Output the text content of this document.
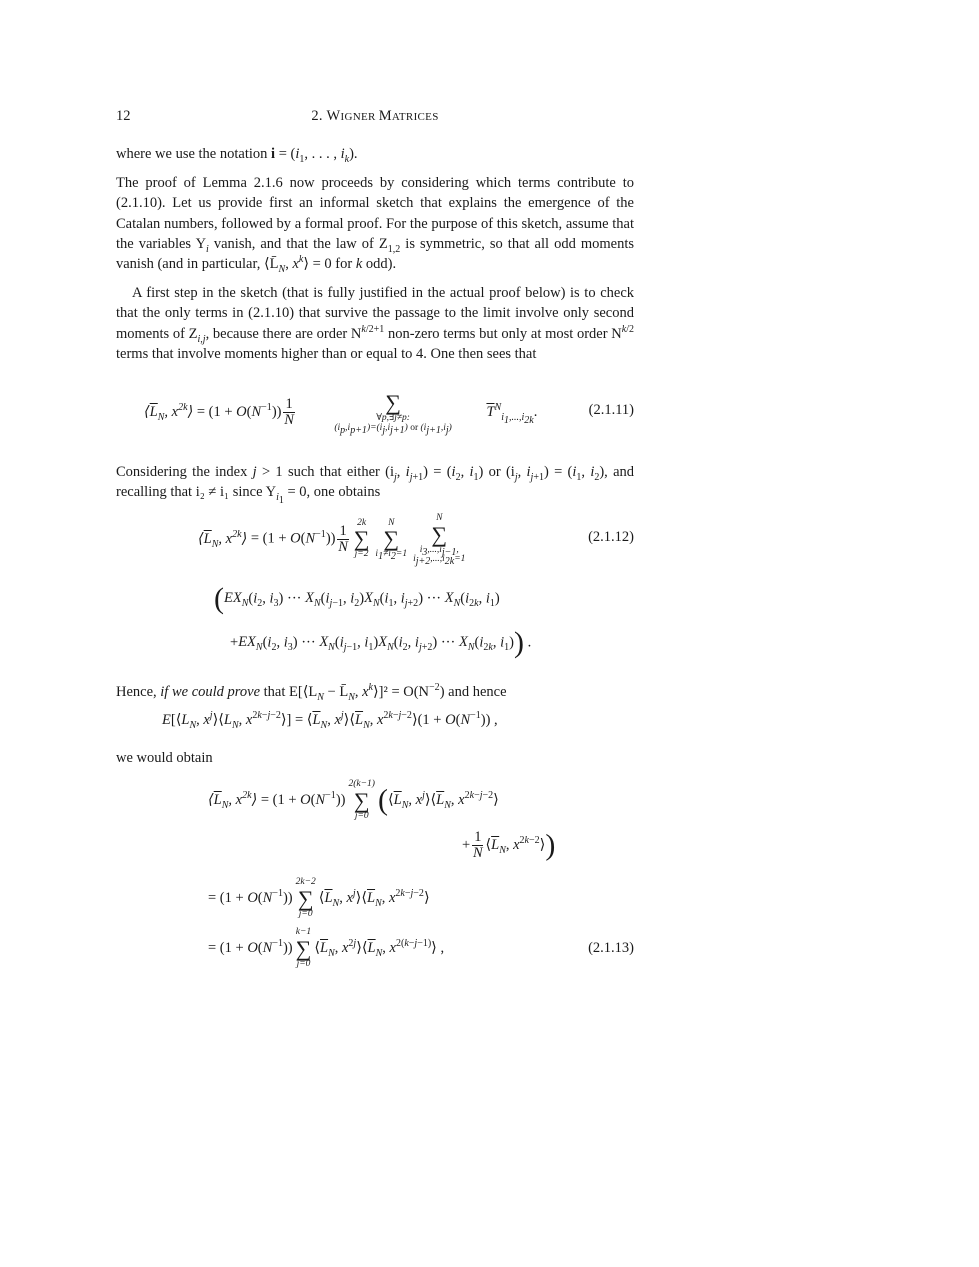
12	2. WIGNER MATRICES

where we use the notation $i = (i_1$, . . . , $i_k$).

The proof of Lemma 2.1.6 now proceeds by considering which terms contribute to (2.1.10). Let us provide first an informal sketch that explains the emergence of the Catalan numbers, followed by a formal proof. For the purpose of this sketch, assume that the variables $Y_i$ vanish, and that the law of $Z_{1,2}$ is symmetric, so that all odd moments vanish (and in particular, $⟨L̄_N$, $x^k⟩ = 0$ for k odd).

A first step in the sketch (that is fully justified in the actual proof below) is to check that the only terms in (2.1.10) that survive the passage to the limit involve only second moments of $Z_{i,j}$, because there are order $N^{k/2+1}$ non-zero terms but only at most order $N^{k/2}$ terms that involve moments higher than or equal to 4. One then sees that

$⟨\overline{L}_N$, $x^{2k}⟩ = (1 + O(N^{-1})) \frac{1}{N}$
	∑
∀p,∃j≠p:
$(i_p,i_{p+1})=(i_j,i_{j+1})$ or $(i_{j+1},i_j)$
$\overline{T}^N_{i_1,...,i_{2k}}$.	(2.1.11)

Considering the index j > 1 such that either ($i_j$, $i_{j+1}) = (i_2$, $i_1$) or ($i_j$, $i_{j+1}) = (i_1$, $i_2$), and recalling that i₂ ≠ i₁ since $Y_{i_1} = 0$, one obtains

$⟨\overline{L}_N$, $x^{2k}⟩ = (1 + O(N^{-1})) \frac{1}{N}$
2k
∑
j=2
N
∑
$i_1\ne i_2=1$
N
∑
$i_3,...,i_{j-1}$,
$i_{j+2},...,i_{2k}=1$
(2.1.12)
($EX_N(i_2$, $i_3$) ··· $X_N(i_{j-1}$, $i_2)X_N(i_1$, $i_{j+2}$) ··· $X_N(i_{2k}$, $i_1$)
$+EX_N(i_2$, $i_3$) ··· $X_N(i_{j-1}$, $i_1)X_N(i_2$, $i_{j+2}$) ··· $X_N(i_{2k}$, $i_1$)) .

Hence, if we could prove that $E[⟨L_N$ − $L̄_N$, $x^k⟩]^2 = O(N^{-2})$ and hence

$E[⟨L_N$, $x^j⟩⟨L_N$, $x^{2k-j-2}⟩$] = $⟨\overline{L}_N$, $x^j⟩⟨\overline{L}_N$, $x^{2k-j-2}⟩(1 + O(N^{-1}))$ ,

we would obtain

$⟨\overline{L}_N$, $x^{2k}⟩ = (1 + O(N^{-1}))$
2(k−1)
∑
j=0 ($⟨\overline{L}_N$, $x^j⟩⟨\overline{L}_N$, $x^{2k-j-2}⟩$
+ $\frac{1}{N}$ $⟨\overline{L}_N$, $x^{2k-2}⟩$)
= $(1 + O(N^{-1}))$
2k−2
∑
j=0
$⟨\overline{L}_N$, $x^j⟩⟨\overline{L}_N$, $x^{2k-j-2}⟩$
= $(1 + O(N^{-1}))$
k−1
∑
j=0
$⟨\overline{L}_N$, $x^{2j}⟩⟨\overline{L}_N$, $x^{2(k-j-1)}⟩$ ,	(2.1.13)
